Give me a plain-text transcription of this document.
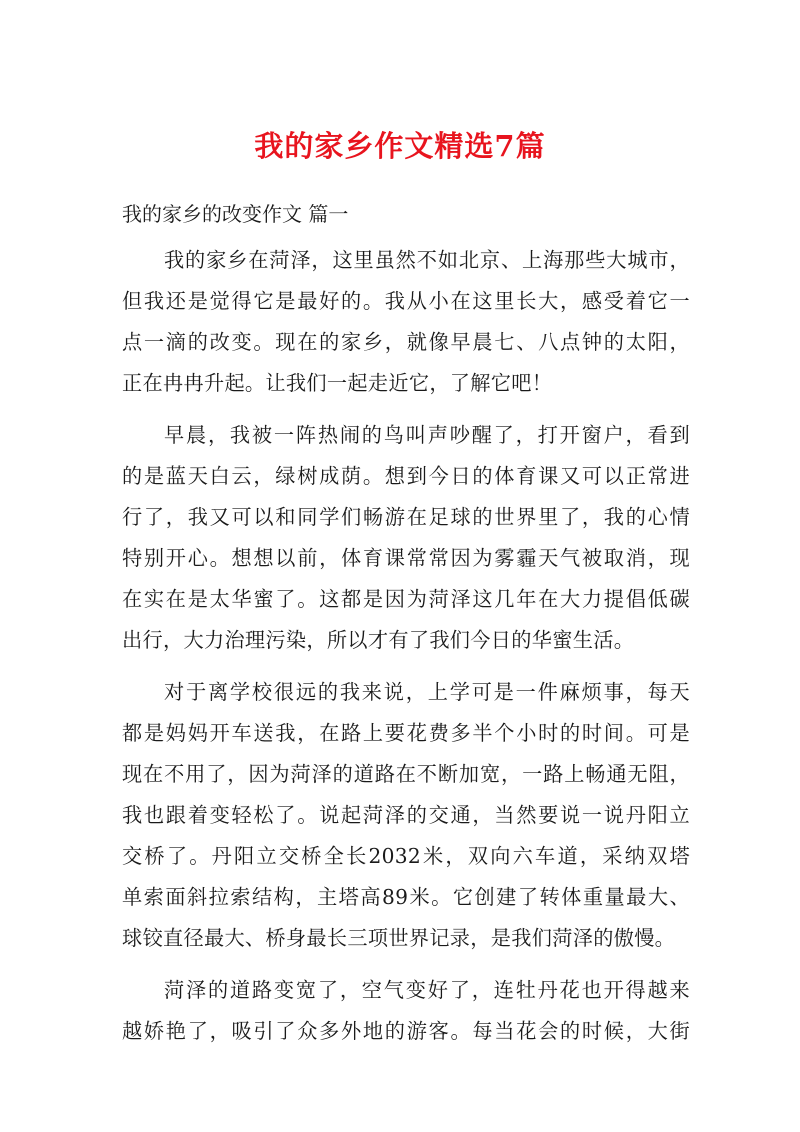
我的家乡作文精选7篇
我的家乡的改变作文 篇一
我的家乡在菏泽，这里虽然不如北京、上海那些大城市，
但我还是觉得它是最好的。我从小在这里长大，感受着它一
点一滴的改变。现在的家乡，就像早晨七、八点钟的太阳，
正在冉冉升起。让我们一起走近它，了解它吧！
早晨，我被一阵热闹的鸟叫声吵醒了，打开窗户，看到
的是蓝天白云，绿树成荫。想到今日的体育课又可以正常进
行了，我又可以和同学们畅游在足球的世界里了，我的心情
特别开心。想想以前，体育课常常因为雾霾天气被取消，现
在实在是太华蜜了。这都是因为菏泽这几年在大力提倡低碳
出行，大力治理污染，所以才有了我们今日的华蜜生活。
对于离学校很远的我来说，上学可是一件麻烦事，每天
都是妈妈开车送我，在路上要花费多半个小时的时间。可是
现在不用了，因为菏泽的道路在不断加宽，一路上畅通无阻，
我也跟着变轻松了。说起菏泽的交通，当然要说一说丹阳立
交桥了。丹阳立交桥全长2032米，双向六车道，采纳双塔
单索面斜拉索结构，主塔高89米。它创建了转体重量最大、
球铰直径最大、桥身最长三项世界记录，是我们菏泽的傲慢。
菏泽的道路变宽了，空气变好了，连牡丹花也开得越来
越娇艳了，吸引了众多外地的游客。每当花会的时候，大街
